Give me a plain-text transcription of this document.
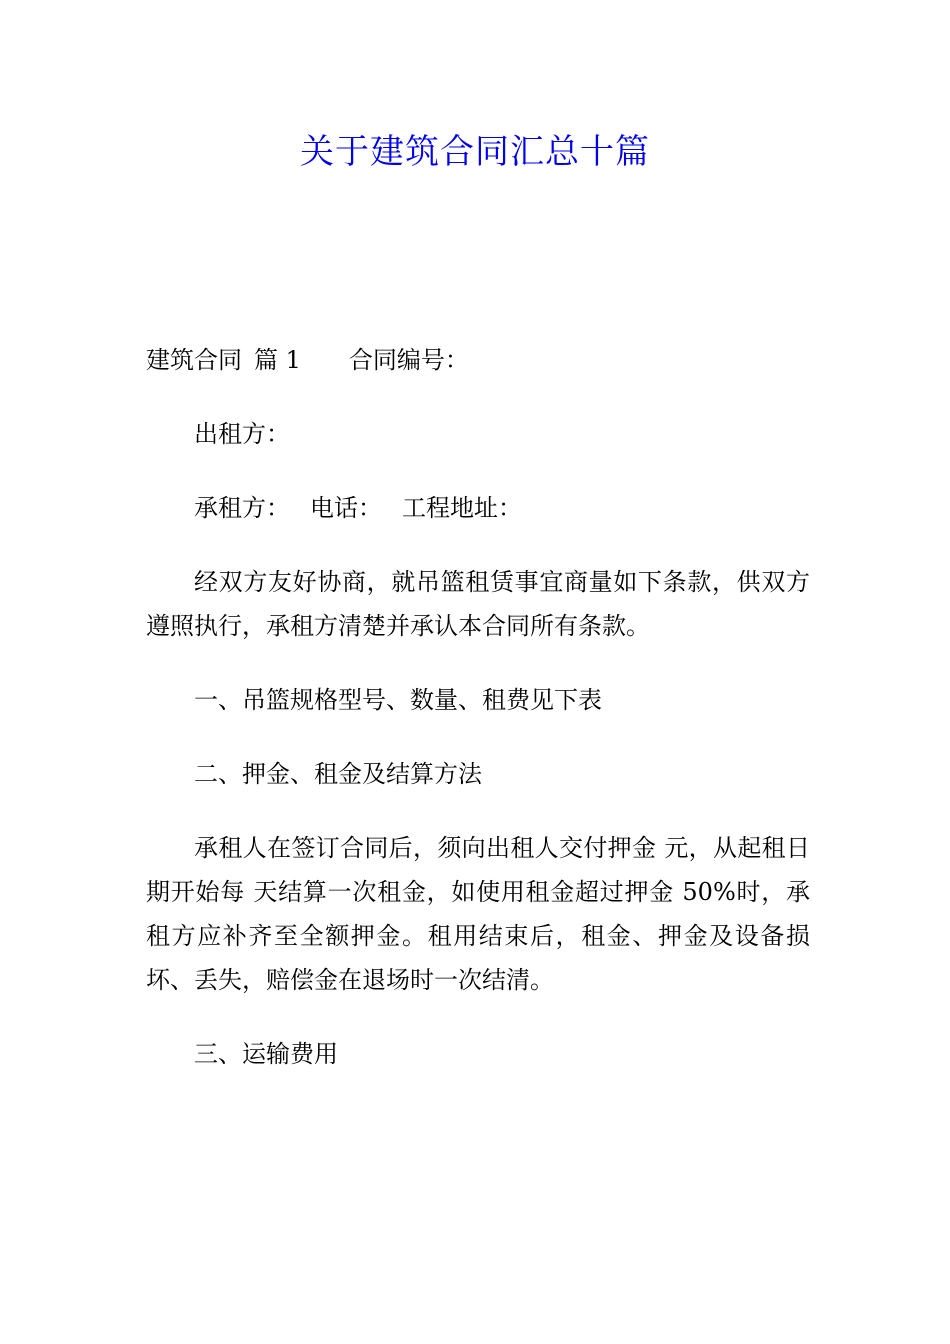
关于建筑合同汇总十篇

建筑合同 篇 1 合同编号：

出租方：

承租方： 电话： 工程地址：

经双方友好协商，就吊篮租赁事宜商量如下条款，供双方遵照执行，承租方清楚并承认本合同所有条款。

一、吊篮规格型号、数量、租费见下表

二、押金、租金及结算方法

承租人在签订合同后，须向出租人交付押金 元，从起租日期开始每 天结算一次租金，如使用租金超过押金 50%时，承租方应补齐至全额押金。租用结束后，租金、押金及设备损坏、丢失，赔偿金在退场时一次结清。

三、运输费用
